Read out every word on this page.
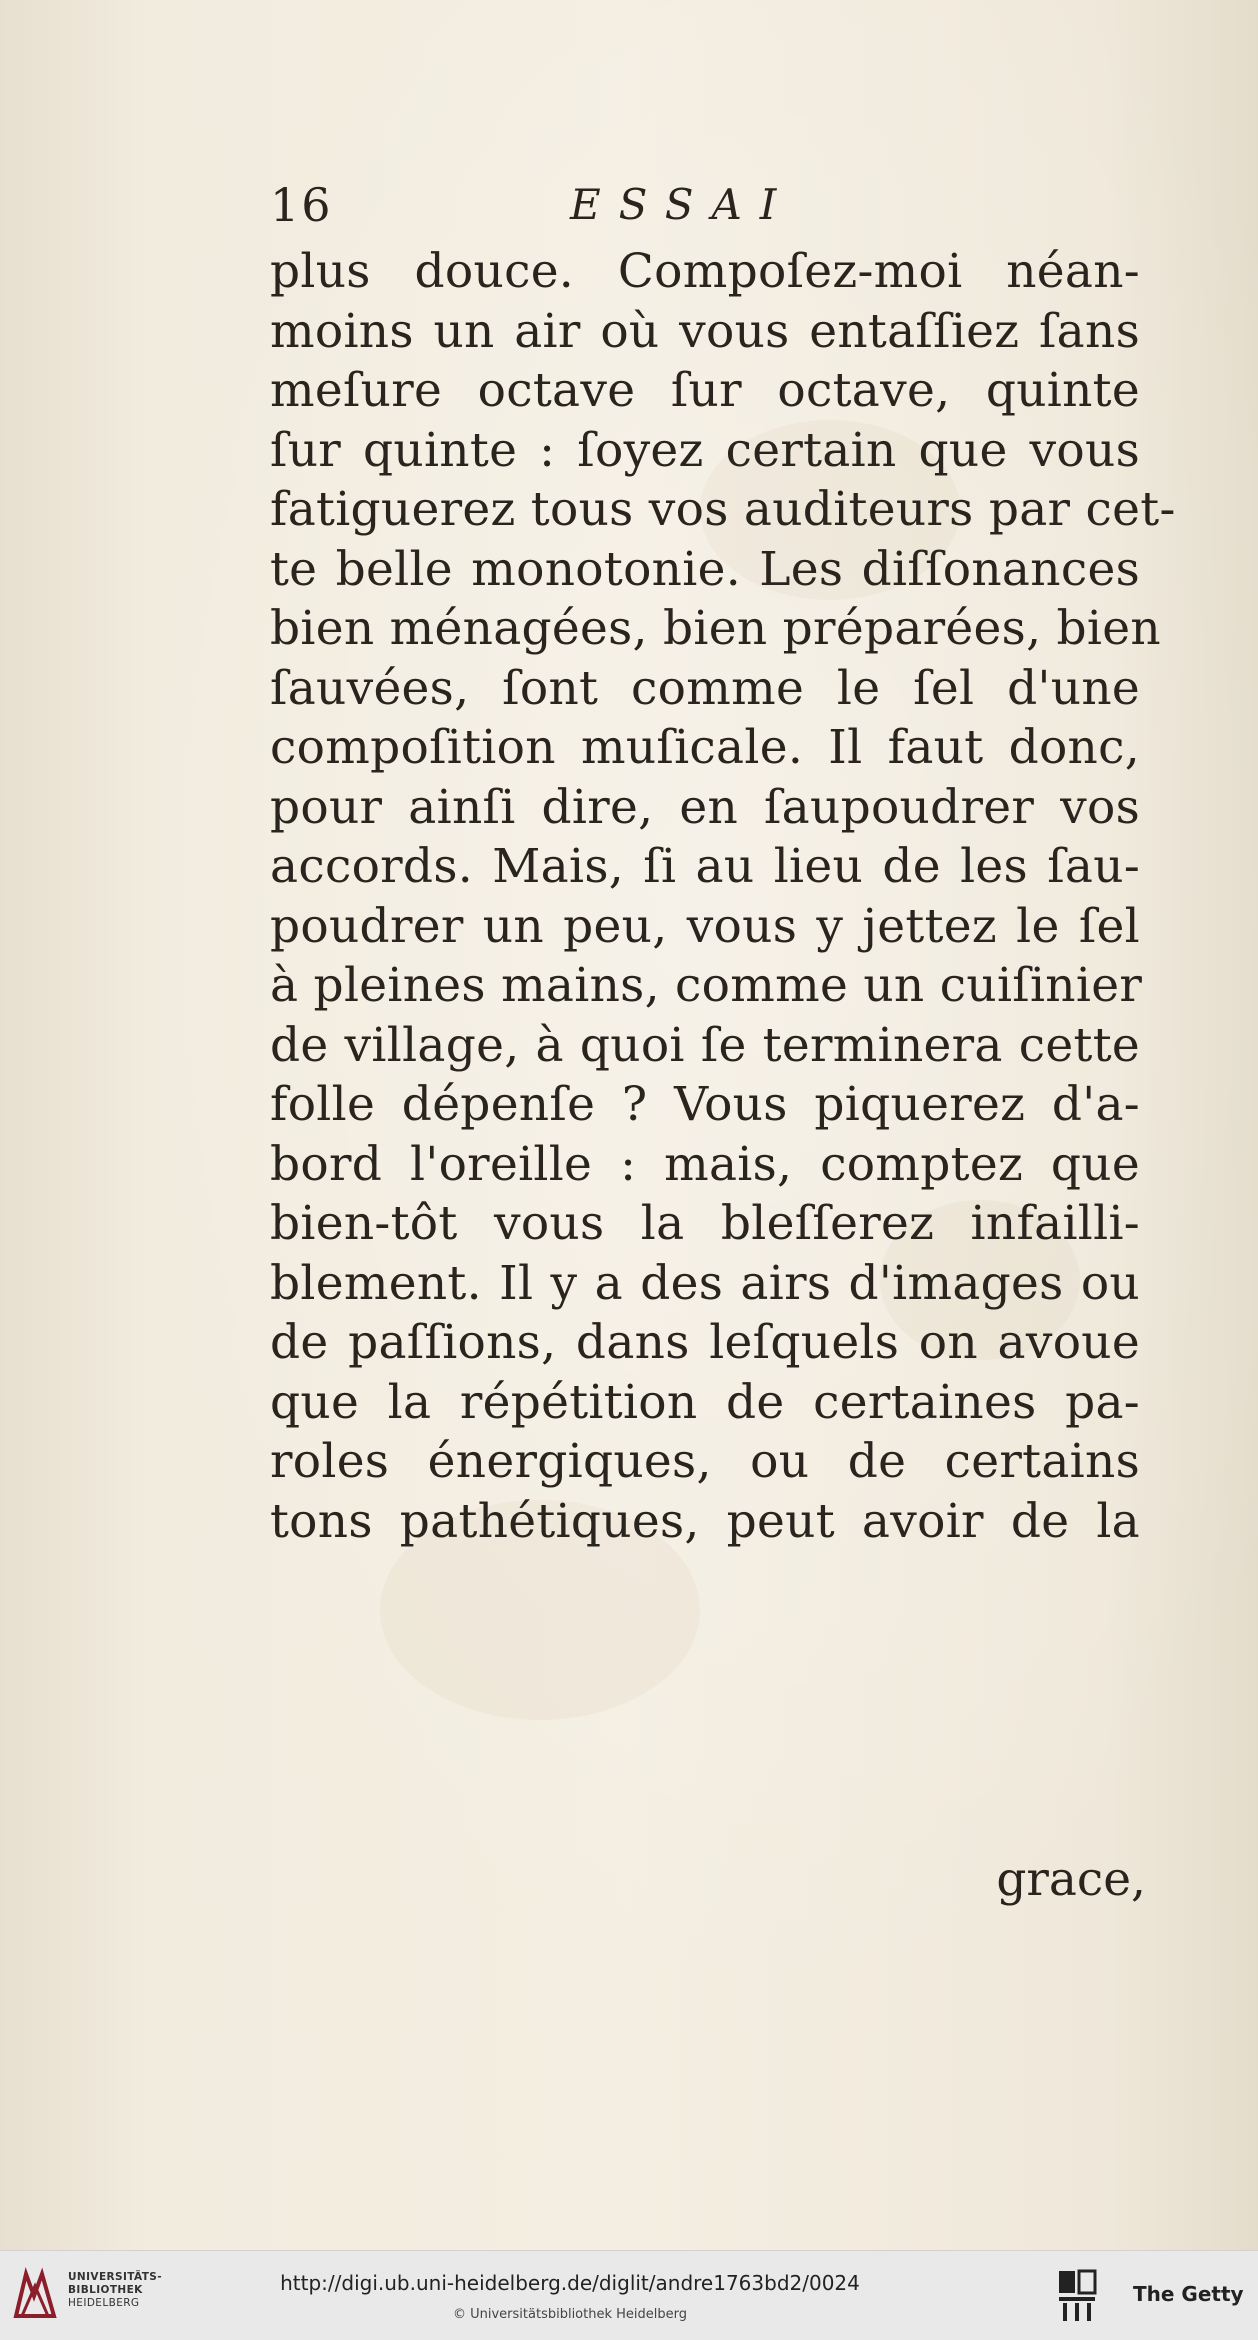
16	ESSAI
plus douce. Compoſez-moi néan-
moins un air où vous entaſſiez ſans
meſure octave ſur octave, quinte
ſur quinte : ſoyez certain que vous
fatiguerez tous vos auditeurs par cet-
te belle monotonie. Les diſſonances
bien ménagées, bien préparées, bien
ſauvées, ſont comme le ſel d'une
compoſition muſicale. Il faut donc,
pour ainſi dire, en ſaupoudrer vos
accords. Mais, ſi au lieu de les ſau-
poudrer un peu, vous y jettez le ſel
à pleines mains, comme un cuiſinier
de village, à quoi ſe terminera cette
folle dépenſe ? Vous piquerez d'a-
bord l'oreille : mais, comptez que
bien-tôt vous la bleſſerez infailli-
blement. Il y a des airs d'images ou
de paſſions, dans leſquels on avoue
que la répétition de certaines pa-
roles énergiques, ou de certains
tons pathétiques, peut avoir de la
grace,
UNIVERSITÄTS-
BIBLIOTHEK
HEIDELBERG
http://digi.ub.uni-heidelberg.de/diglit/andre1763bd2/0024
© Universitätsbibliothek Heidelberg
The Getty
